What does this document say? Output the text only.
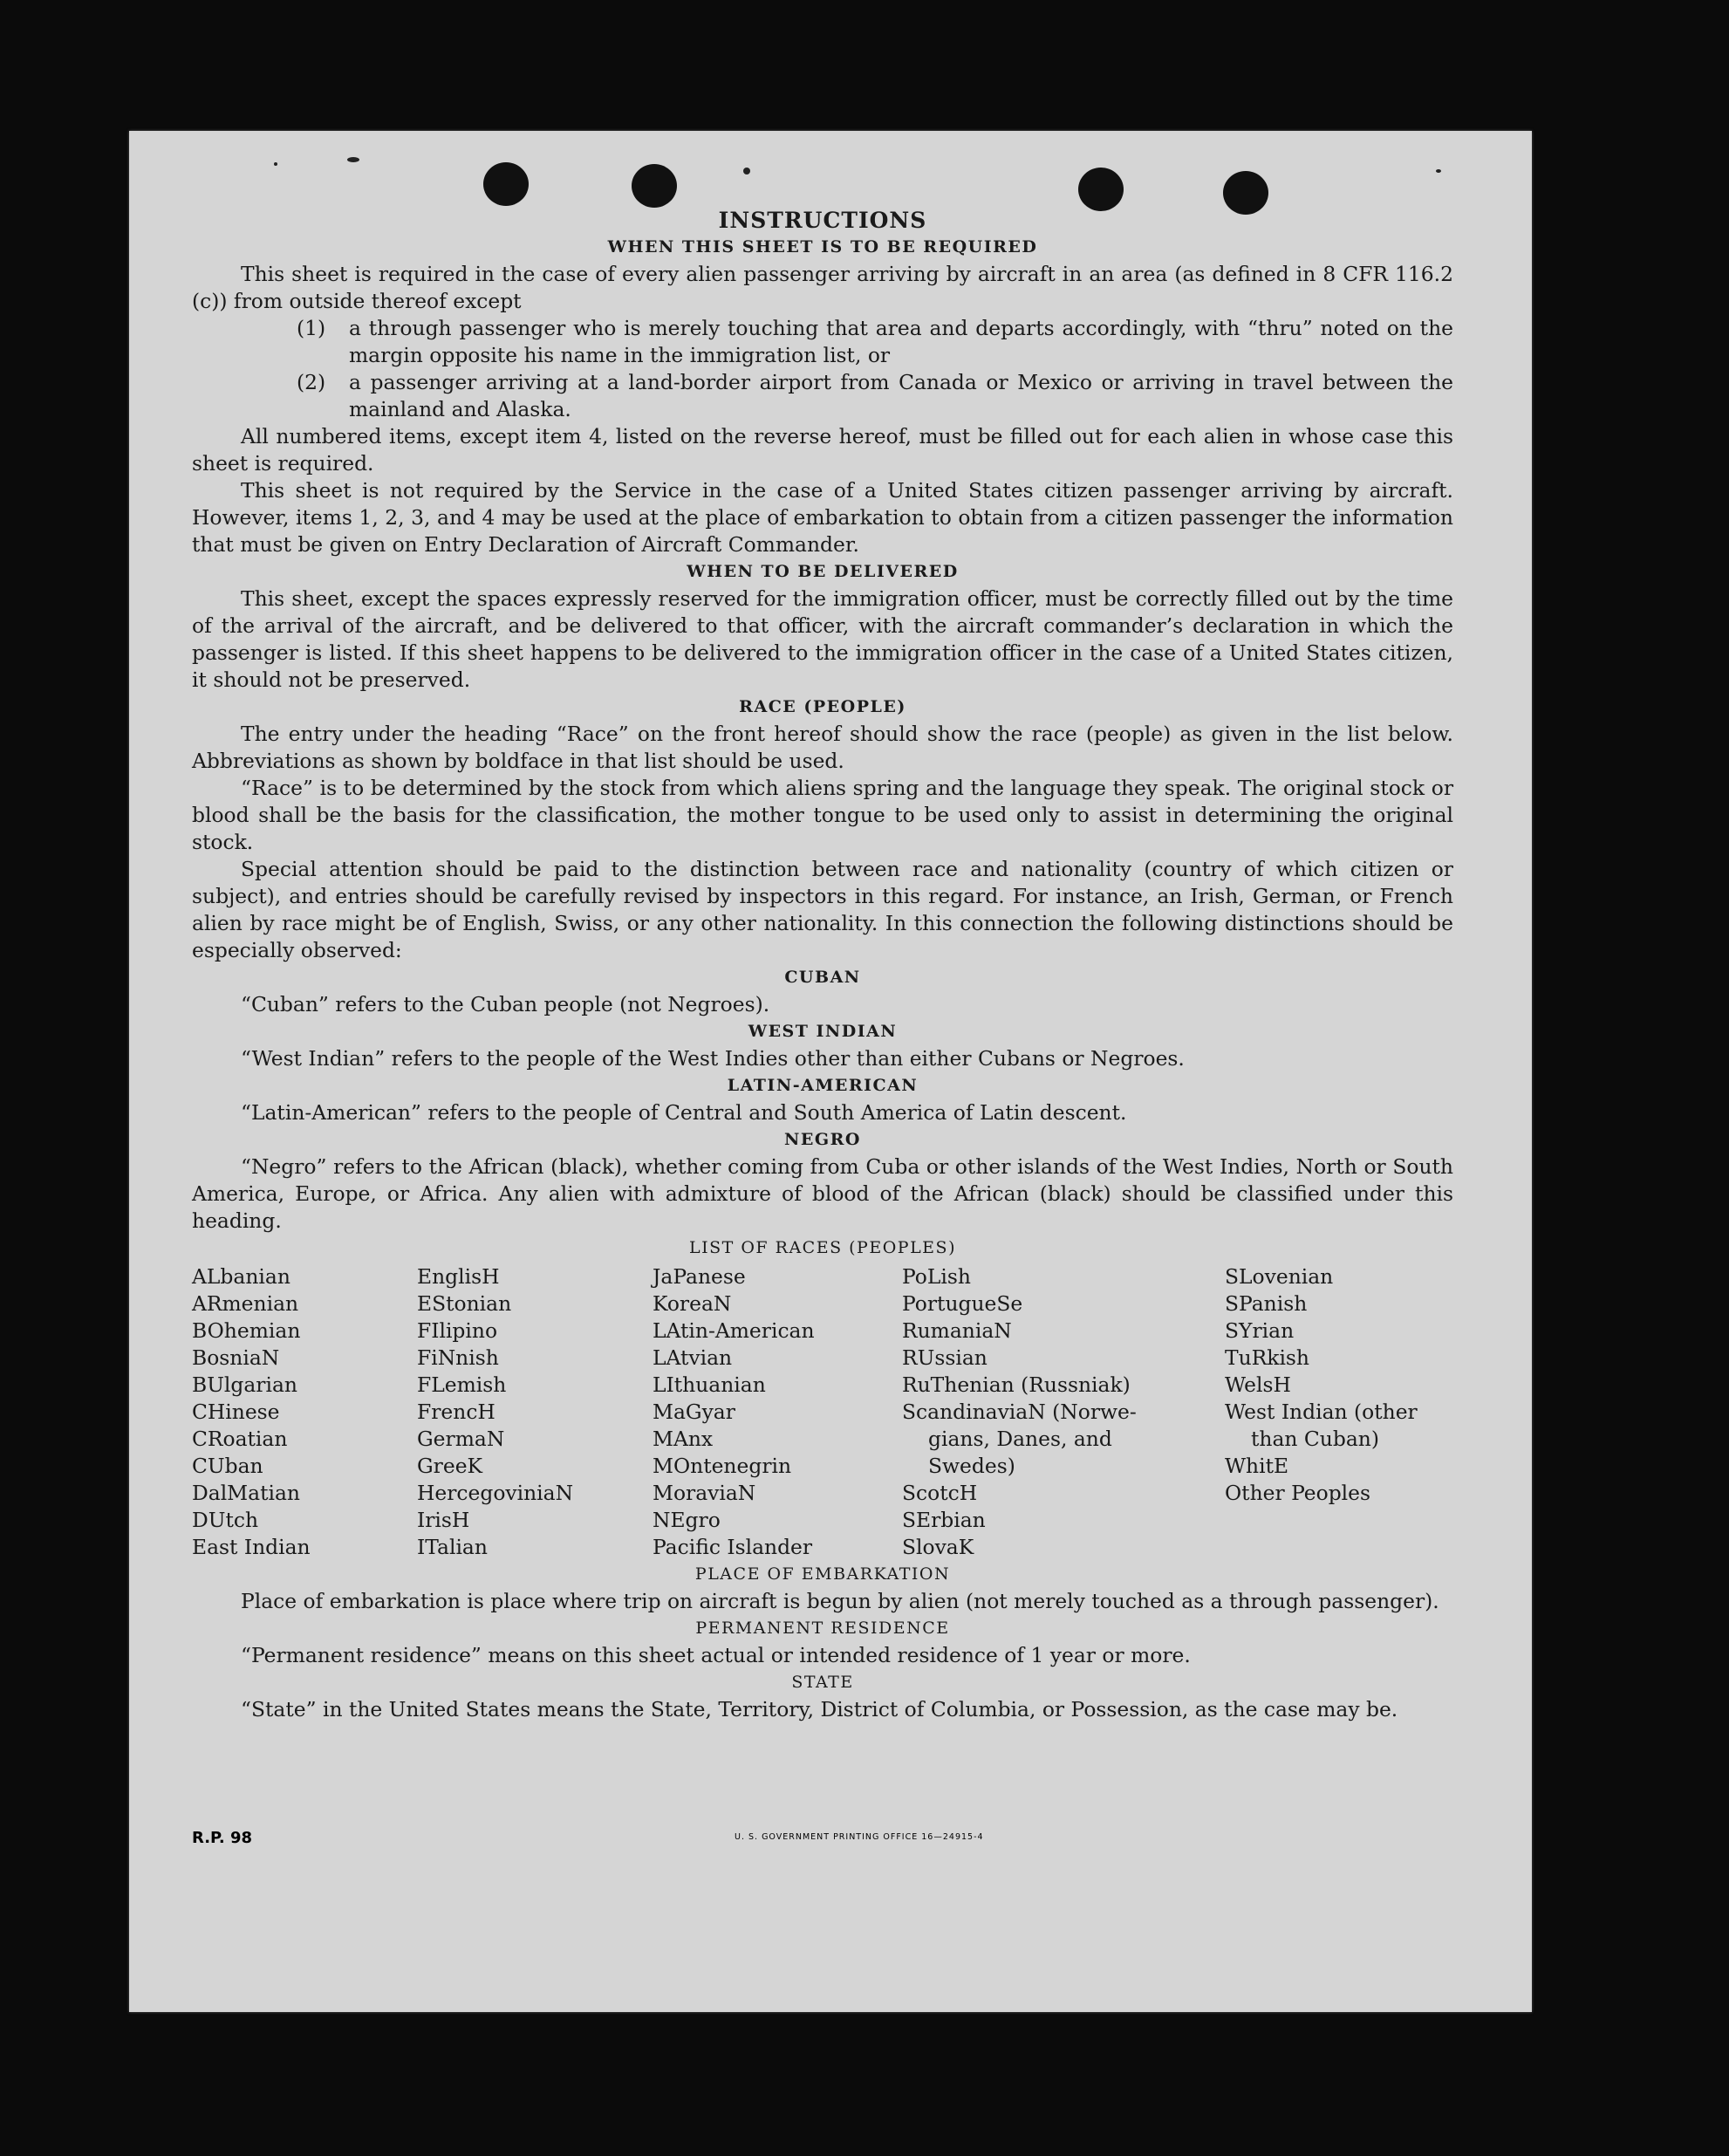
INSTRUCTIONS
WHEN THIS SHEET IS TO BE REQUIRED

This sheet is required in the case of every alien passenger arriving by aircraft in an area (as defined in 8 CFR 116.2 (c)) from outside thereof except

(1)	a through passenger who is merely touching that area and departs accordingly, with “thru” noted on the margin opposite his name in the immigration list, or
(2)	a passenger arriving at a land-border airport from Canada or Mexico or arriving in travel between the mainland and Alaska.

All numbered items, except item 4, listed on the reverse hereof, must be filled out for each alien in whose case this sheet is required.

This sheet is not required by the Service in the case of a United States citizen passenger arriving by aircraft. However, items 1, 2, 3, and 4 may be used at the place of embarkation to obtain from a citizen passenger the information that must be given on Entry Declaration of Aircraft Commander.

WHEN TO BE DELIVERED

This sheet, except the spaces expressly reserved for the immigration officer, must be correctly filled out by the time of the arrival of the aircraft, and be delivered to that officer, with the aircraft commander’s declaration in which the passenger is listed. If this sheet happens to be delivered to the immigration officer in the case of a United States citizen, it should not be preserved.

RACE (PEOPLE)

The entry under the heading “Race” on the front hereof should show the race (people) as given in the list below. Abbreviations as shown by boldface in that list should be used.

“Race” is to be determined by the stock from which aliens spring and the language they speak. The original stock or blood shall be the basis for the classification, the mother tongue to be used only to assist in determining the original stock.

Special attention should be paid to the distinction between race and nationality (country of which citizen or subject), and entries should be carefully revised by inspectors in this regard. For instance, an Irish, German, or French alien by race might be of English, Swiss, or any other nationality. In this connection the following distinctions should be especially observed:

CUBAN

“Cuban” refers to the Cuban people (not Negroes).

WEST INDIAN

“West Indian” refers to the people of the West Indies other than either Cubans or Negroes.

LATIN-AMERICAN

“Latin-American” refers to the people of Central and South America of Latin descent.

NEGRO

“Negro” refers to the African (black), whether coming from Cuba or other islands of the West Indies, North or South America, Europe, or Africa. Any alien with admixture of blood of the African (black) should be classified under this heading.

LIST OF RACES (PEOPLES)
ALbanian
ARmenian
BOhemian
BosniaN
BUlgarian
CHinese
CRoatian
CUban
DalMatian
DUtch
East Indian
EnglisH
EStonian
FIlipino
FiNnish
FLemish
FrencH
GermaN
GreeK
HercegoviniaN
IrisH
ITalian
JaPanese
KoreaN
LAtin-American
LAtvian
LIthuanian
MaGyar
MAnx
MOntenegrin
MoraviaN
NEgro
Pacific Islander
PoLish
PortugueSe
RumaniaN
RUssian
RuThenian (Russniak)
ScandinaviaN (Norwe-
gians, Danes, and
Swedes)
ScotcH
SErbian
SlovaK
SLovenian
SPanish
SYrian
TuRkish
WelsH
West Indian (other
than Cuban)
WhitE
Other Peoples
PLACE OF EMBARKATION

Place of embarkation is place where trip on aircraft is begun by alien (not merely touched as a through passenger).

PERMANENT RESIDENCE

“Permanent residence” means on this sheet actual or intended residence of 1 year or more.

STATE

“State” in the United States means the State, Territory, District of Columbia, or Possession, as the case may be.

R.P. 98	U. S. GOVERNMENT PRINTING OFFICE 16—24915-4
